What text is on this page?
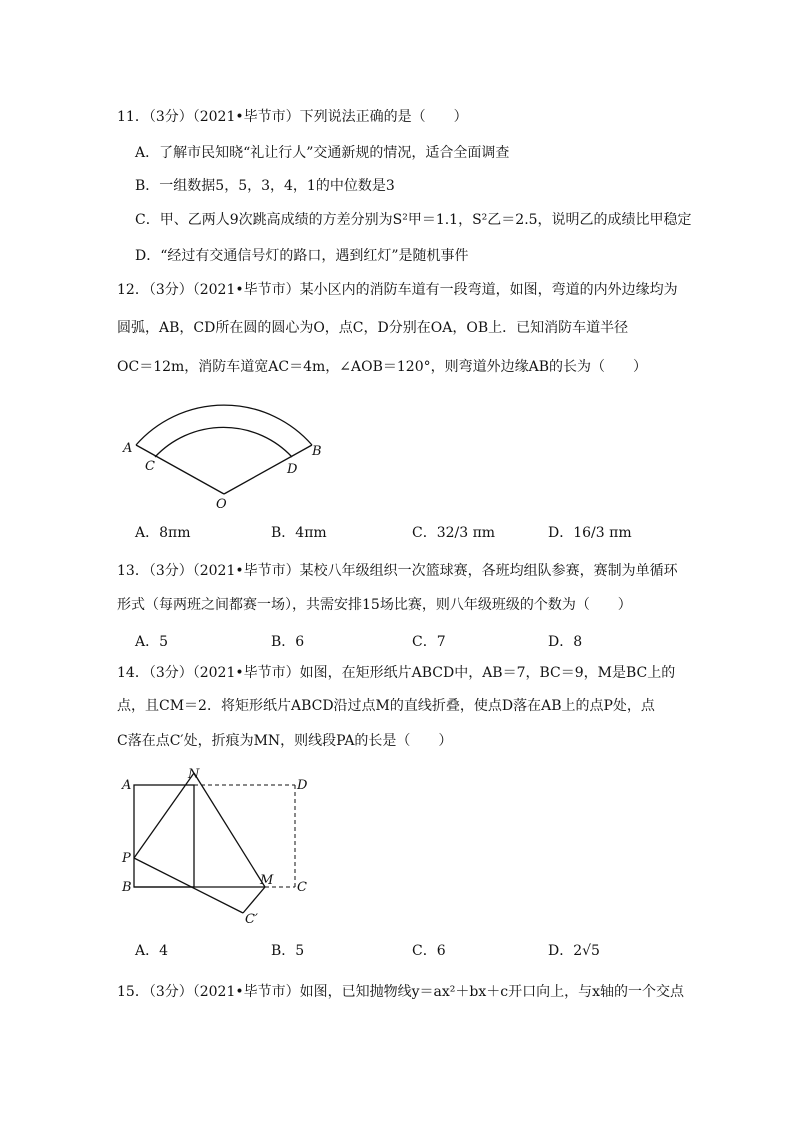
11．（3分）（2021•毕节市）下列说法正确的是（　　）
A．了解市民知晓“礼让行人”交通新规的情况，适合全面调查
B．一组数据5，5，3，4，1的中位数是3
C．甲、乙两人9次跳高成绩的方差分别为S²甲＝1.1，S²乙＝2.5，说明乙的成绩比甲稳定
D．“经过有交通信号灯的路口，遇到红灯”是随机事件
12．（3分）（2021•毕节市）某小区内的消防车道有一段弯道，如图，弯道的内外边缘均为
圆弧，AB，CD所在圆的圆心为O，点C，D分别在OA，OB上．已知消防车道半径
OC＝12m，消防车道宽AC＝4m，∠AOB＝120°，则弯道外边缘AB的长为（　　）
A	B
C	D
O
A．8πm	B．4πm	C．32/3 πm	D．16/3 πm
13．（3分）（2021•毕节市）某校八年级组织一次篮球赛，各班均组队参赛，赛制为单循环
形式（每两班之间都赛一场），共需安排15场比赛，则八年级班级的个数为（　　）
A．5	B．6	C．7	D．8
14．（3分）（2021•毕节市）如图，在矩形纸片ABCD中，AB＝7，BC＝9，M是BC上的
点，且CM＝2．将矩形纸片ABCD沿过点M的直线折叠，使点D落在AB上的点P处，点
C落在点C′处，折痕为MN，则线段PA的长是（　　）
A
B	C
D
N
M
P
C′
A．4	B．5	C．6	D．2√5
15．（3分）（2021•毕节市）如图，已知抛物线y＝ax²＋bx＋c开口向上，与x轴的一个交点
